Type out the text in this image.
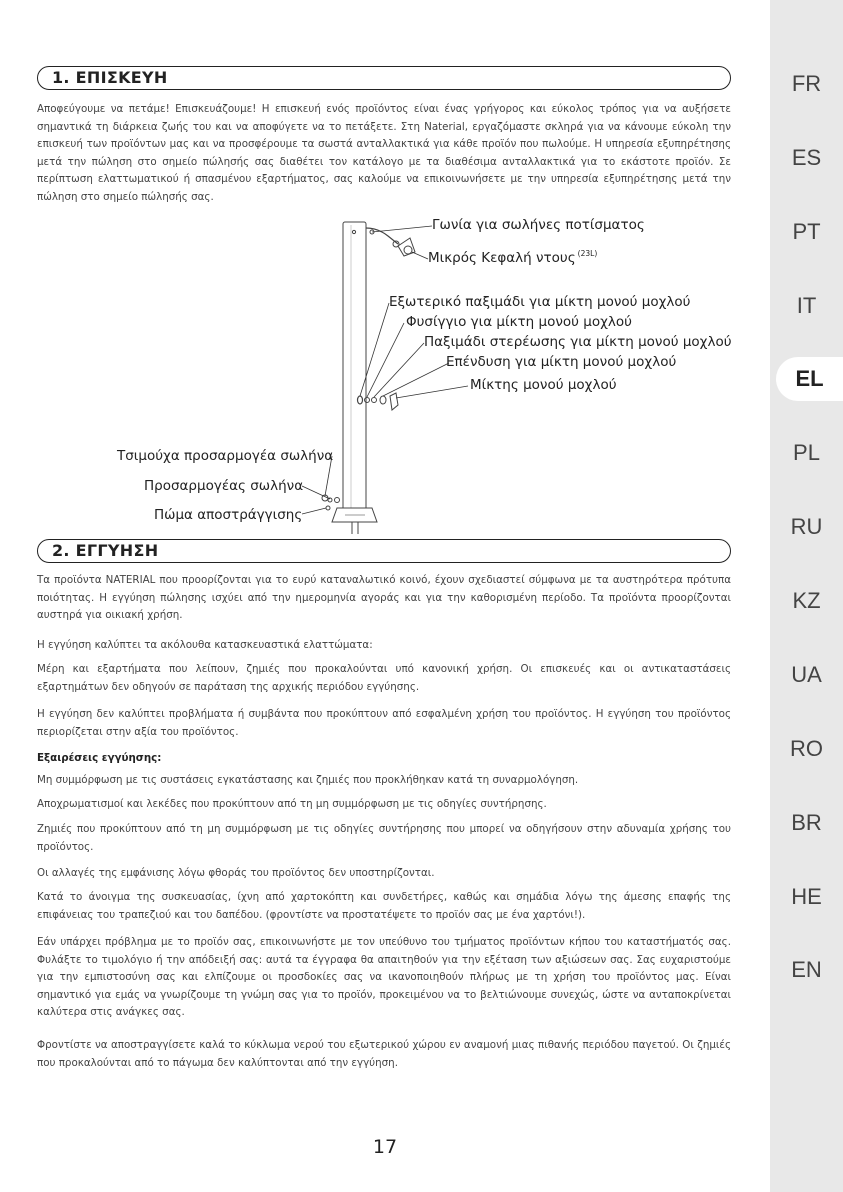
1. ΕΠΙΣΚΕΥΗ
Αποφεύγουμε να πετάμε! Επισκευάζουμε! Η επισκευή ενός προϊόντος είναι ένας γρήγορος και εύκολος τρόπος για να αυξήσετε σημαντικά τη διάρκεια ζωής του και να αποφύγετε να το πετάξετε. Στη Naterial, εργαζόμαστε σκληρά για να κάνουμε εύκολη την επισκευή των προϊόντων μας και να προσφέρουμε τα σωστά ανταλλακτικά για κάθε προϊόν που πωλούμε. Η υπηρεσία εξυπηρέτησης μετά την πώληση στο σημείο πώλησής σας διαθέτει τον κατάλογο με τα διαθέσιμα ανταλλακτικά για το εκάστοτε προϊόν. Σε περίπτωση ελαττωματικού ή σπασμένου εξαρτήματος, σας καλούμε να επικοινωνήσετε με την υπηρεσία εξυπηρέτησης μετά την πώληση στο σημείο πώλησής σας.
Γωνία για σωλήνες ποτίσματος
Μικρός Κεφαλή ντους $^{(23L)}$
Εξωτερικό παξιμάδι για μίκτη μονού μοχλού
Φυσίγγιο για μίκτη μονού μοχλού
Παξιμάδι στερέωσης για μίκτη μονού μοχλού
Επένδυση για μίκτη μονού μοχλού
Μίκτης μονού μοχλού
Τσιμούχα προσαρμογέα σωλήνα
Προσαρμογέας σωλήνα
Πώμα αποστράγγισης
2. ΕΓΓΥΗΣΗ
Τα προϊόντα NATERIAL που προορίζονται για το ευρύ καταναλωτικό κοινό, έχουν σχεδιαστεί σύμφωνα με τα αυστηρότερα πρότυπα ποιότητας. Η εγγύηση πώλησης ισχύει από την ημερομηνία αγοράς και για την καθορισμένη περίοδο. Τα προϊόντα προορίζονται αυστηρά για οικιακή χρήση.
Η εγγύηση καλύπτει τα ακόλουθα κατασκευαστικά ελαττώματα:
Μέρη και εξαρτήματα που λείπουν, ζημιές που προκαλούνται υπό κανονική χρήση. Οι επισκευές και οι αντικαταστάσεις εξαρτημάτων δεν οδηγούν σε παράταση της αρχικής περιόδου εγγύησης.
Η εγγύηση δεν καλύπτει προβλήματα ή συμβάντα που προκύπτουν από εσφαλμένη χρήση του προϊόντος. Η εγγύηση του προϊόντος περιορίζεται στην αξία του προϊόντος.
Εξαιρέσεις εγγύησης:
Μη συμμόρφωση με τις συστάσεις εγκατάστασης και ζημιές που προκλήθηκαν κατά τη συναρμολόγηση.
Αποχρωματισμοί και λεκέδες που προκύπτουν από τη μη συμμόρφωση με τις οδηγίες συντήρησης.
Ζημιές που προκύπτουν από τη μη συμμόρφωση με τις οδηγίες συντήρησης που μπορεί να οδηγήσουν στην αδυναμία χρήσης του προϊόντος.
Οι αλλαγές της εμφάνισης λόγω φθοράς του προϊόντος δεν υποστηρίζονται.
Κατά το άνοιγμα της συσκευασίας, ίχνη από χαρτοκόπτη και συνδετήρες, καθώς και σημάδια λόγω της άμεσης επαφής της επιφάνειας του τραπεζιού και του δαπέδου. (φροντίστε να προστατέψετε το προϊόν σας με ένα χαρτόνι!).
Εάν υπάρχει πρόβλημα με το προϊόν σας, επικοινωνήστε με τον υπεύθυνο του τμήματος προϊόντων κήπου του καταστήματός σας. Φυλάξτε το τιμολόγιο ή την απόδειξή σας: αυτά τα έγγραφα θα απαιτηθούν για την εξέταση των αξιώσεων σας. Σας ευχαριστούμε για την εμπιστοσύνη σας και ελπίζουμε οι προσδοκίες σας να ικανοποιηθούν πλήρως με τη χρήση του προϊόντος μας. Είναι σημαντικό για εμάς να γνωρίζουμε τη γνώμη σας για το προϊόν, προκειμένου να το βελτιώνουμε συνεχώς, ώστε να ανταποκρίνεται καλύτερα στις ανάγκες σας.
Φροντίστε να αποστραγγίσετε καλά το κύκλωμα νερού του εξωτερικού χώρου εν αναμονή μιας πιθανής περιόδου παγετού. Οι ζημιές που προκαλούνται από το πάγωμα δεν καλύπτονται από την εγγύηση.
17
FR
ES
PT
IT
EL
PL
RU
KZ
UA
RO
BR
HE
EN
